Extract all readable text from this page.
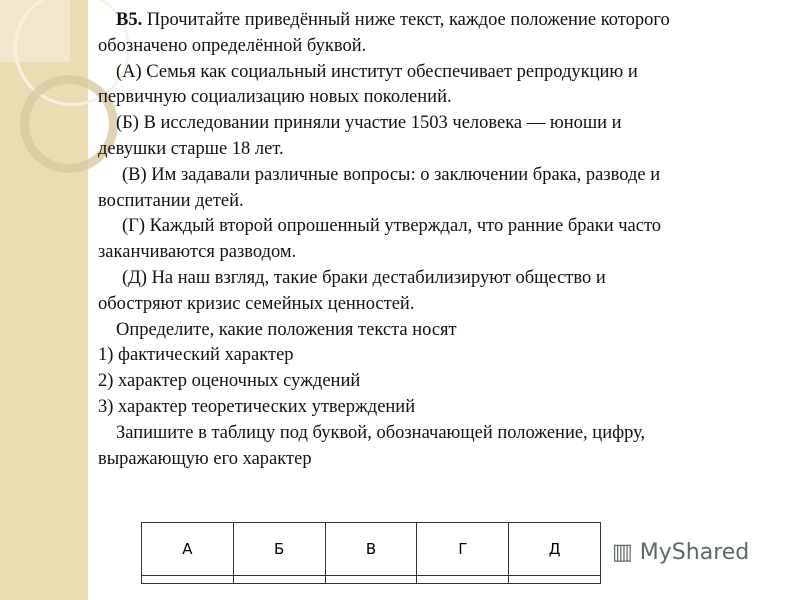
В5. Прочитайте приведённый ниже текст, каждое положение которого

обозначено определённой буквой.

(А) Семья как социальный институт обеспечивает репродукцию и

первичную социализацию новых поколений.

(Б) В исследовании приняли участие 1503 человека — юноши и

девушки старше 18 лет.

(В) Им задавали различные вопросы: о заключении брака, разводе и

воспитании детей.

(Г) Каждый второй опрошенный утверждал, что ранние браки часто

заканчиваются разводом.

(Д) На наш взгляд, такие браки дестабилизируют общество и

обостряют кризис семейных ценностей.

Определите, какие положения текста носят

1) фактический характер

2) характер оценочных суждений

3) характер теоретических утверждений

Запишите в таблицу под буквой, обозначающей положение, цифру,

выражающую его характер

А	Б	В	Г	Д
				▥ MyShared
